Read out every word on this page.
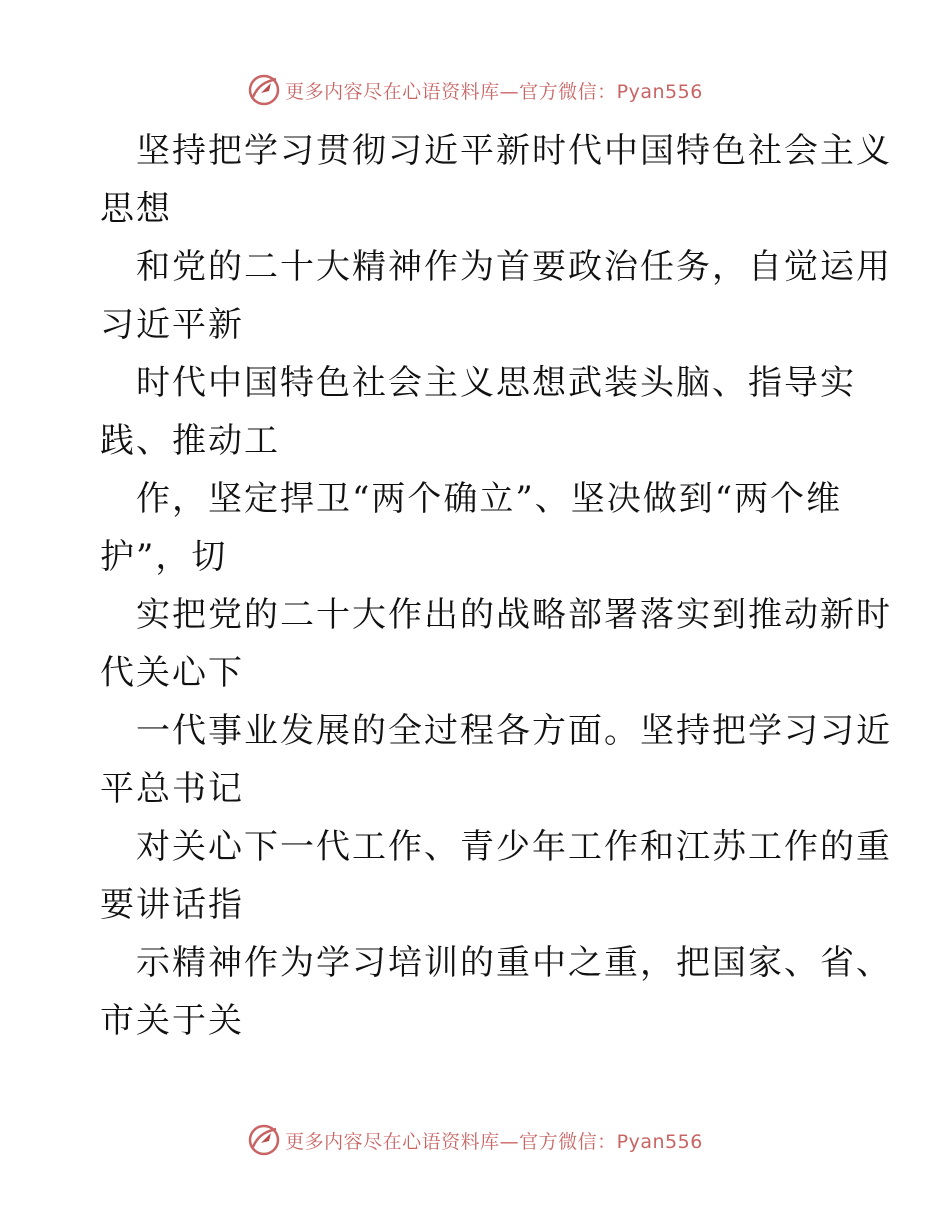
更多内容尽在心语资料库—官方微信：Pyan556
坚持把学习贯彻习近平新时代中国特色社会主义
思想
和党的二十大精神作为首要政治任务，自觉运用
习近平新
时代中国特色社会主义思想武装头脑、指导实
践、推动工
作，坚定捍卫“两个确立”、坚决做到“两个维
护”，切
实把党的二十大作出的战略部署落实到推动新时
代关心下
一代事业发展的全过程各方面。坚持把学习习近
平总书记
对关心下一代工作、青少年工作和江苏工作的重
要讲话指
示精神作为学习培训的重中之重，把国家、省、
市关于关
更多内容尽在心语资料库—官方微信：Pyan556
